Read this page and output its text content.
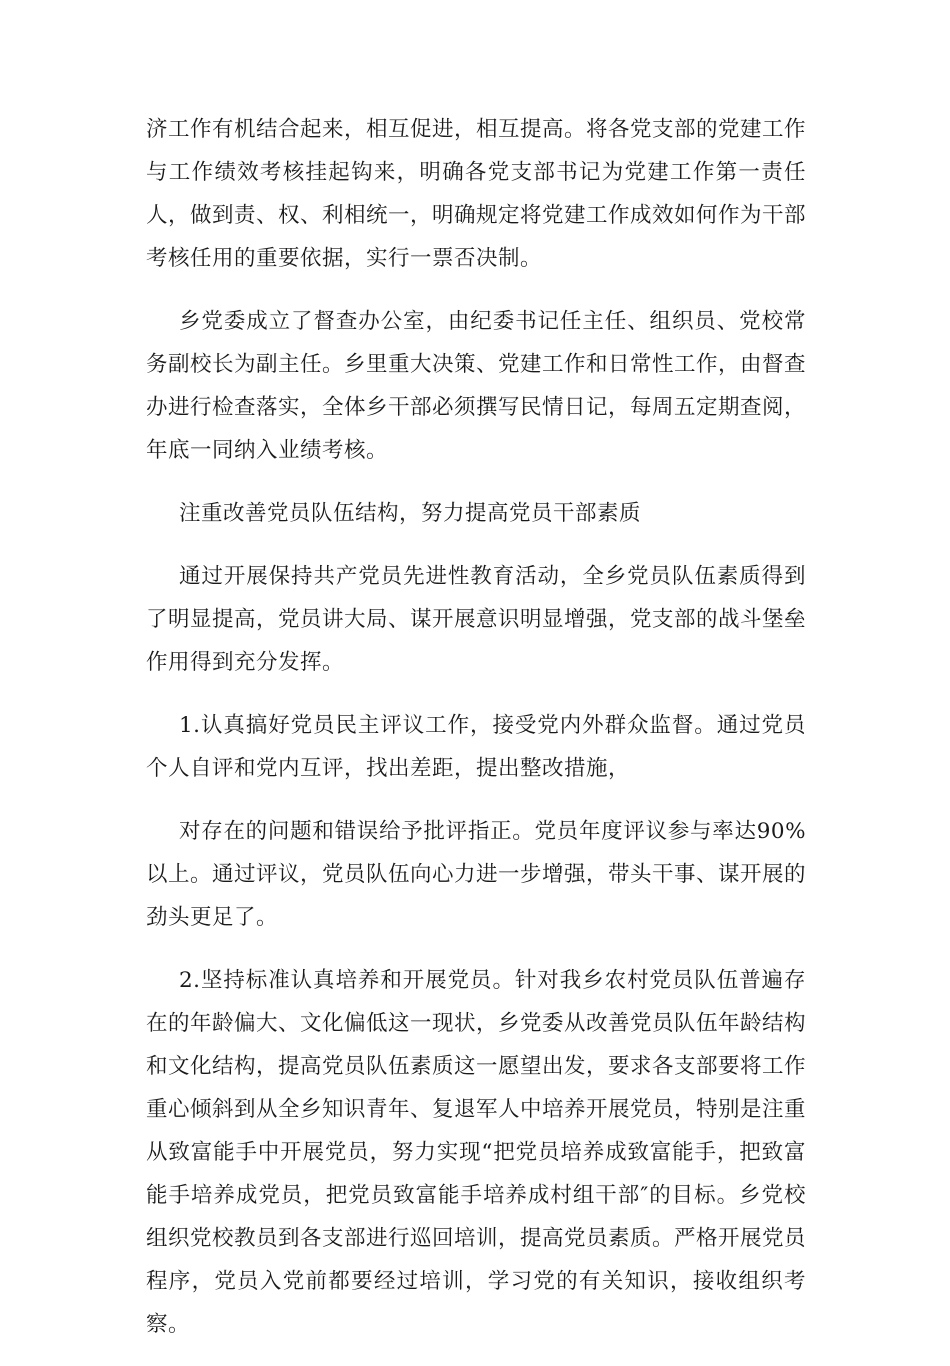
济工作有机结合起来，相互促进，相互提高。将各党支部的党建工作与工作绩效考核挂起钩来，明确各党支部书记为党建工作第一责任人，做到责、权、利相统一，明确规定将党建工作成效如何作为干部考核任用的重要依据，实行一票否决制。

乡党委成立了督查办公室，由纪委书记任主任、组织员、党校常务副校长为副主任。乡里重大决策、党建工作和日常性工作，由督查办进行检查落实，全体乡干部必须撰写民情日记，每周五定期查阅，年底一同纳入业绩考核。

注重改善党员队伍结构，努力提高党员干部素质

通过开展保持共产党员先进性教育活动，全乡党员队伍素质得到了明显提高，党员讲大局、谋开展意识明显增强，党支部的战斗堡垒作用得到充分发挥。

1.认真搞好党员民主评议工作，接受党内外群众监督。通过党员个人自评和党内互评，找出差距，提出整改措施，

对存在的问题和错误给予批评指正。党员年度评议参与率达90%以上。通过评议，党员队伍向心力进一步增强，带头干事、谋开展的劲头更足了。

2.坚持标准认真培养和开展党员。针对我乡农村党员队伍普遍存在的年龄偏大、文化偏低这一现状，乡党委从改善党员队伍年龄结构和文化结构，提高党员队伍素质这一愿望出发，要求各支部要将工作重心倾斜到从全乡知识青年、复退军人中培养开展党员，特别是注重从致富能手中开展党员，努力实现“把党员培养成致富能手，把致富能手培养成党员，把党员致富能手培养成村组干部″的目标。乡党校组织党校教员到各支部进行巡回培训，提高党员素质。严格开展党员程序，党员入党前都要经过培训，学习党的有关知识，接收组织考察。
